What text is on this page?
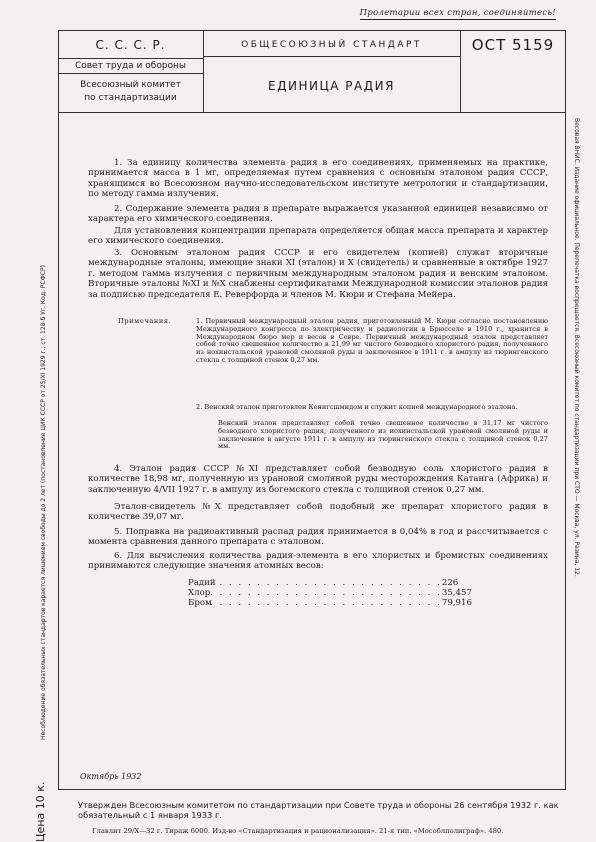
Пролетарии всех стран, соединяйтесь!
С. С. С. Р.
Совет труда и обороны
Всесоюзный комитет
по стандартизации
ОБЩЕСОЮЗНЫЙ СТАНДАРТ
ЕДИНИЦА РАДИЯ
ОСТ 5159
1. За единицу количества элемента радия в его соединениях, применяемых на практике, принимается масса в 1 мг, определяемая путем сравнения с основным эталоном радия СССР, хранящимся во Всесоюзном научно-исследовательском институте метрологии и стандартизации, по методу гамма излучения.
2. Содержание элемента радия в препарате выражается указанной единицей независимо от характера его химического соединения.
Для установления концентрации препарата определяется общая масса препарата и характер его химического соединения.
3. Основным эталоном радия СССР и его свидетелем (копией) служат вторичные международные эталоны, имеющие знаки XI (эталон) и X (свидетель) и сравненные в октябре 1927 г. методом гамма излучения с первичным международным эталоном радия и венским эталоном. Вторичные эталоны №XI и №X снабжены сертификатами Международной комиссии эталонов радия за подписью председателя Е. Реверфорда и членов М. Кюри и Стефана Мейера.
Примечания.	1. Первичный международный эталон радия, приготовленный М. Кюри согласно постановлению Международного конгресса по электричеству и радиологии в Брюсселе в 1910 г., хранится в Международном бюро мер и весов в Севре. Первичный международный эталон представляет собой точно свешенное количество в 21,99 мг чистого безводного хлористого радия, полученного из нохинстальской урановой смоляной руды и заключенное в 1911 г. в ампулу из тюрингенского стекла с толщиной стенок 0,27 мм.
2. Венский эталон приготовлен Кенигсшмидом и служит копией международного эталона.
Венский эталон представляет собой точно свешенное количество в 31,17 мг чистого безводного хлористого радия, полученного из иохинстальской урановой смоляной руды и заключенное в августе 1911 г. в ампулу из тюрингенского стекла с толщиной стенок 0,27 мм.
4. Эталон радия СССР №XI представляет собой безводную соль хлористого радия в количестве 18,98 мг, полученную из урановой смоляной руды месторождения Катанга (Африка) и заключенную 4/VII 1927 г. в ампулу из богемского стекла с толщиной стенок 0,27 мм.
Эталон-свидетель №X представляет собой подобный же препарат хлористого радия в количестве 39,07 мг.
5. Поправка на радиоактивный распад радия принимается в 0,04% в год и рассчитывается с момента сравнения данного препарата с эталоном.
6. Для вычисления количества радия-элемента в его хлористых и бромистых соединениях принимаются следующие значения атомных весов:
Радий
. . . . . . . . . . . . . . . . . . . . . . . . . 226
Хлор . . . . . . . . . . . . . . . . . . . . . . . . . 35,457
Бром
. . . . . . . . . . . . . . . . . . . . . . . . . 79,916
Октябрь 1932
Утвержден Всесоюзным комитетом по стандартизации при Совете труда и обороны 26 сентября 1932 г. как обязательный с 1 января 1933 г.
Главлит 29/X—32 г. Тираж 6000. Изд-во «Стандартизация и рационализация». 21-я тип. «Мособлполиграф». 480.
Несоблюдение обязательных стандартов карается лишением свободы до 2 лет (постановление ЦИК СССР от 25/XI 1929 г.; ст. 128-б Уг. Код. РСФСР)	Весовая ВНИС. Издание официальное. Перепечатка воспрещается. Всесоюзный комитет по стандартизации при СТО — Москва, ул. Разина, 12.
Цена 10 к.
